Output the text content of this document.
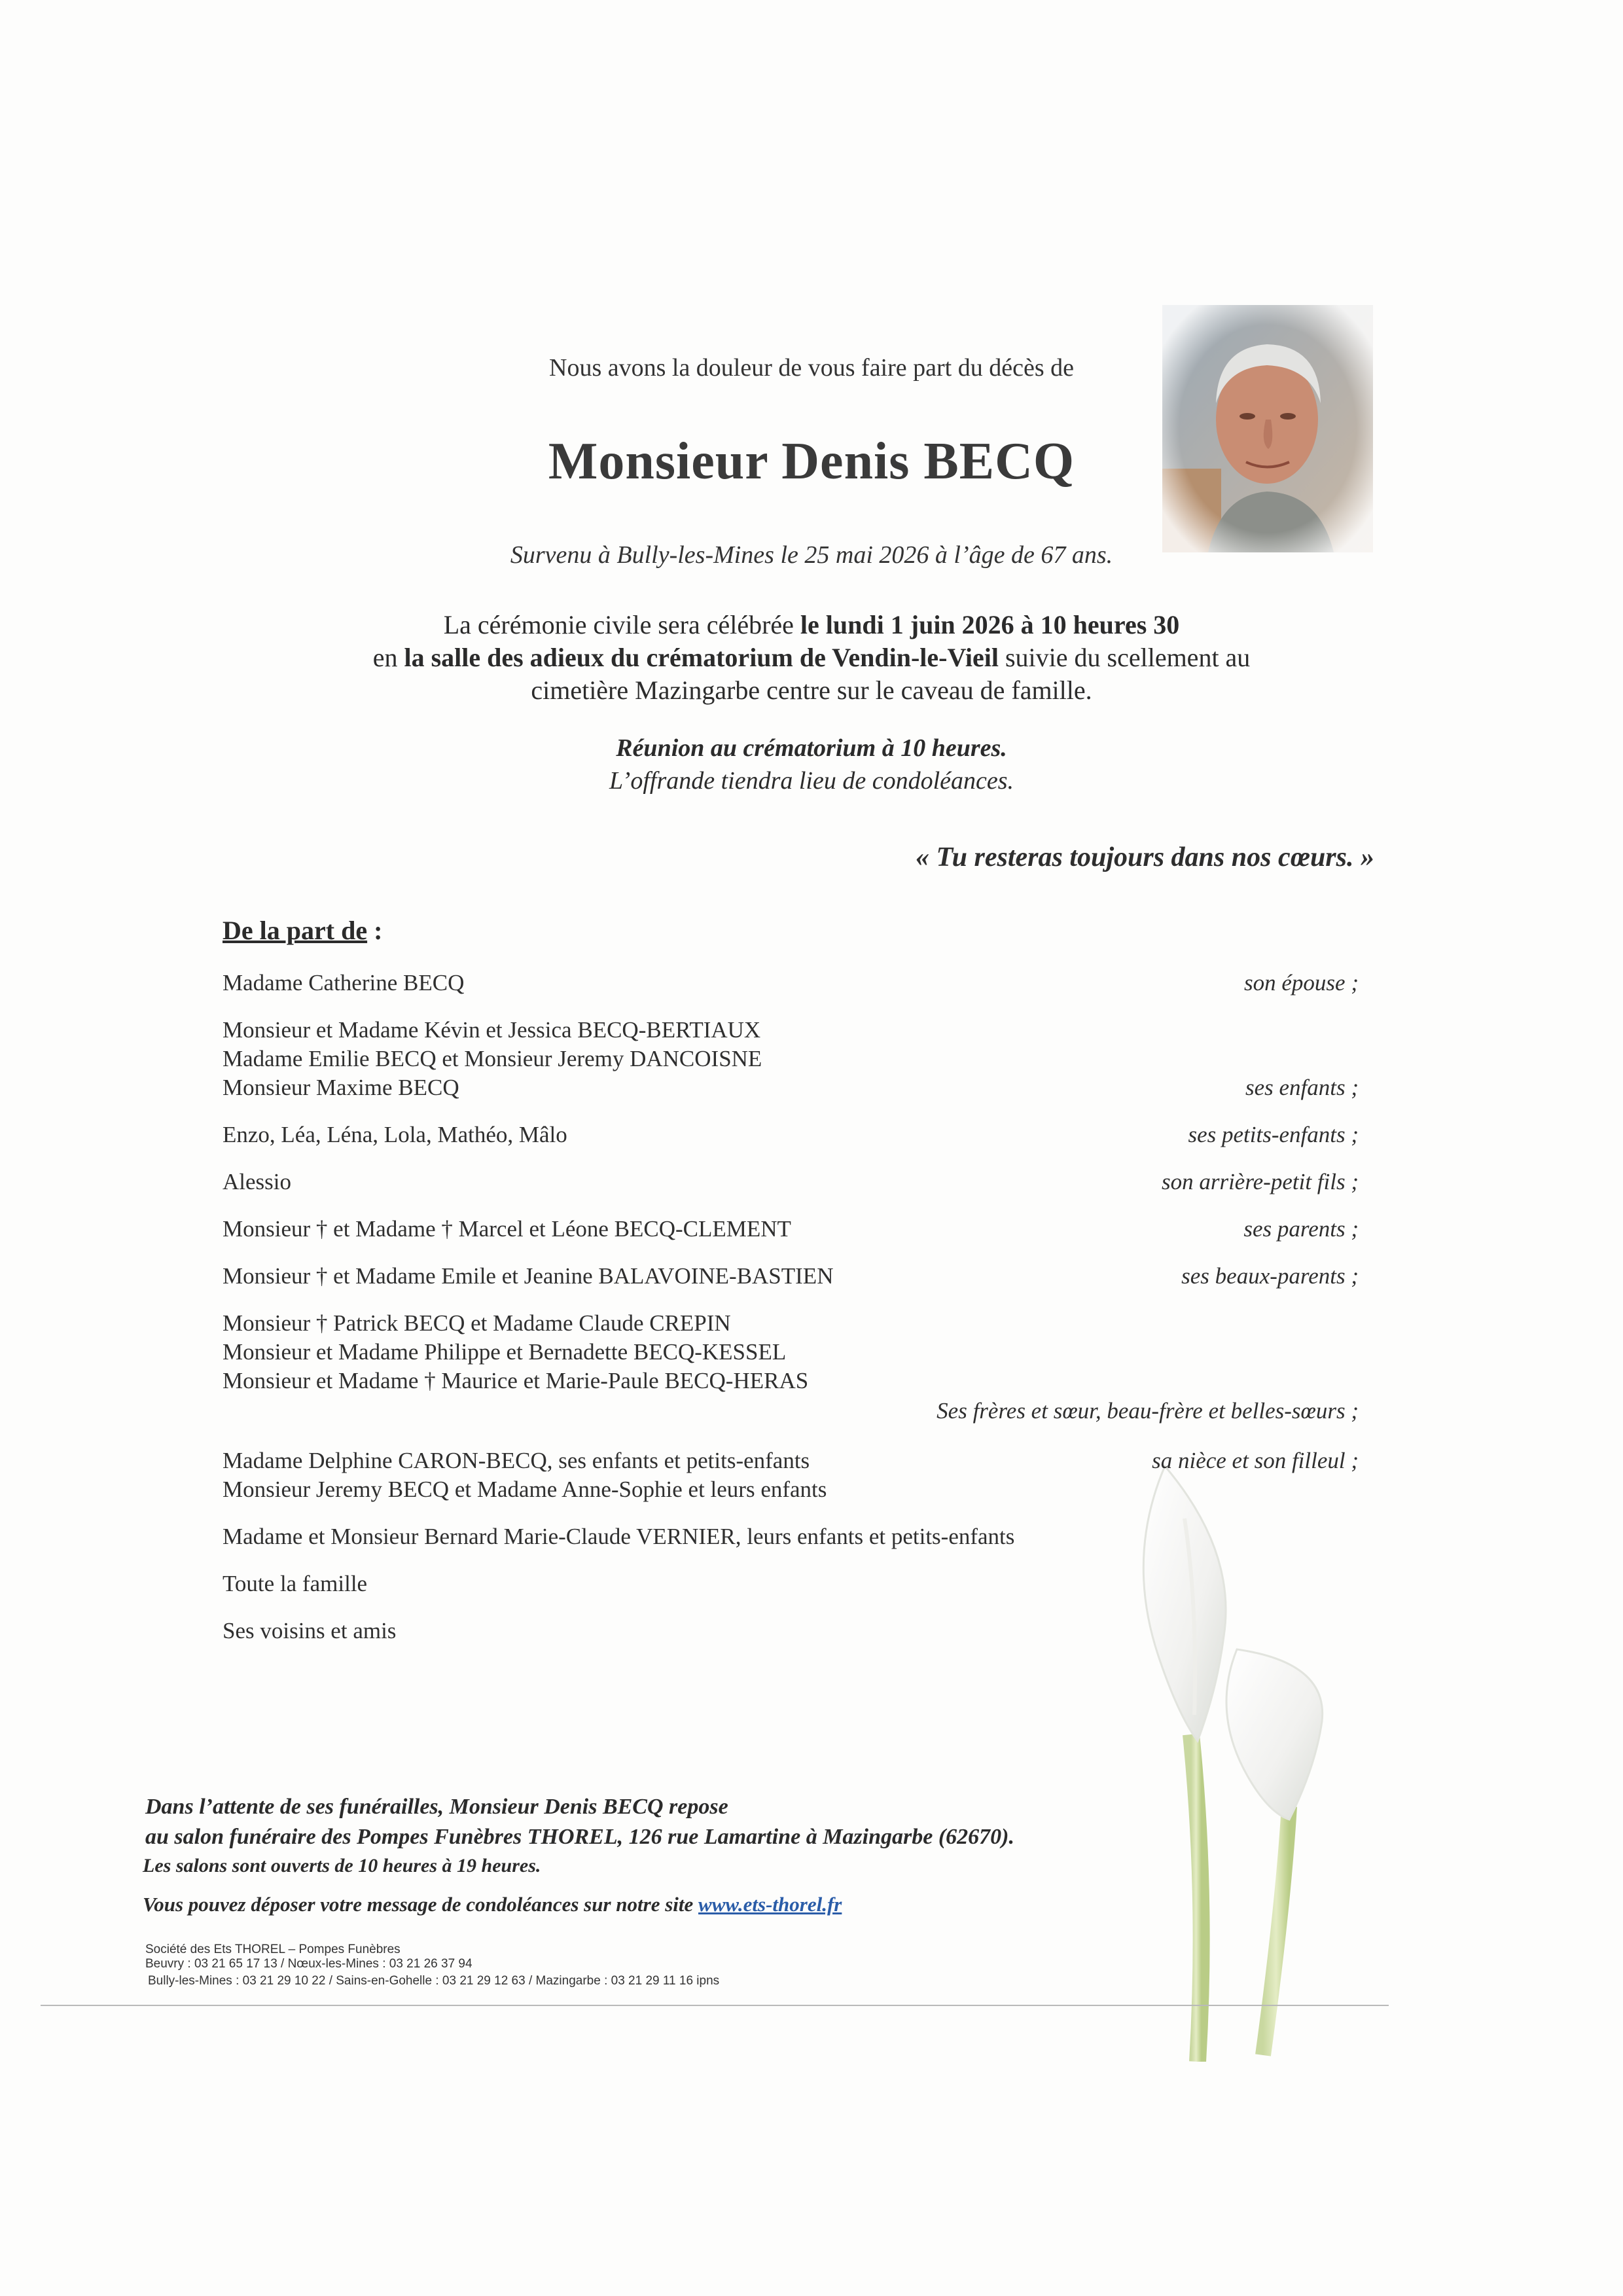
Nous avons la douleur de vous faire part du décès de
Monsieur Denis BECQ
Survenu à Bully-les-Mines le 25 mai 2026 à l’âge de 67 ans.
La cérémonie civile sera célébrée le lundi 1 juin 2026 à 10 heures 30
en la salle des adieux du crématorium de Vendin-le-Vieil suivie du scellement au
cimetière Mazingarbe centre sur le caveau de famille.
Réunion au crématorium à 10 heures.
L’offrande tiendra lieu de condoléances.
« Tu resteras toujours dans nos cœurs. »
De la part de :
Madame Catherine BECQ	son épouse ;
Monsieur et Madame Kévin et Jessica BECQ-BERTIAUX
Madame Emilie BECQ et Monsieur Jeremy DANCOISNE
Monsieur Maxime BECQ	ses enfants ;
Enzo, Léa, Léna, Lola, Mathéo, Mâlo	ses petits-enfants ;
Alessio	son arrière-petit fils ;
Monsieur † et Madame † Marcel et Léone BECQ-CLEMENT	ses parents ;
Monsieur † et Madame Emile et Jeanine BALAVOINE-BASTIEN	ses beaux-parents ;
Monsieur † Patrick BECQ et Madame Claude CREPIN
Monsieur et Madame Philippe et Bernadette BECQ-KESSEL
Monsieur et Madame † Maurice et Marie-Paule BECQ-HERAS
Ses frères et sœur, beau-frère et belles-sœurs ;
Madame Delphine CARON-BECQ, ses enfants et petits-enfants
Monsieur Jeremy BECQ et Madame Anne-Sophie et leurs enfants
sa nièce et son filleul ;
Madame et Monsieur Bernard Marie-Claude VERNIER, leurs enfants et petits-enfants
Toute la famille
Ses voisins et amis
Dans l’attente de ses funérailles, Monsieur Denis BECQ repose
au salon funéraire des Pompes Funèbres THOREL, 126 rue Lamartine à Mazingarbe (62670).
Les salons sont ouverts de 10 heures à 19 heures.
Vous pouvez déposer votre message de condoléances sur notre site www.ets-thorel.fr
Société des Ets THOREL – Pompes Funèbres
Beuvry : 03 21 65 17 13 / Nœux-les-Mines : 03 21 26 37 94
Bully-les-Mines : 03 21 29 10 22 / Sains-en-Gohelle : 03 21 29 12 63 / Mazingarbe : 03 21 29 11 16 ipns
